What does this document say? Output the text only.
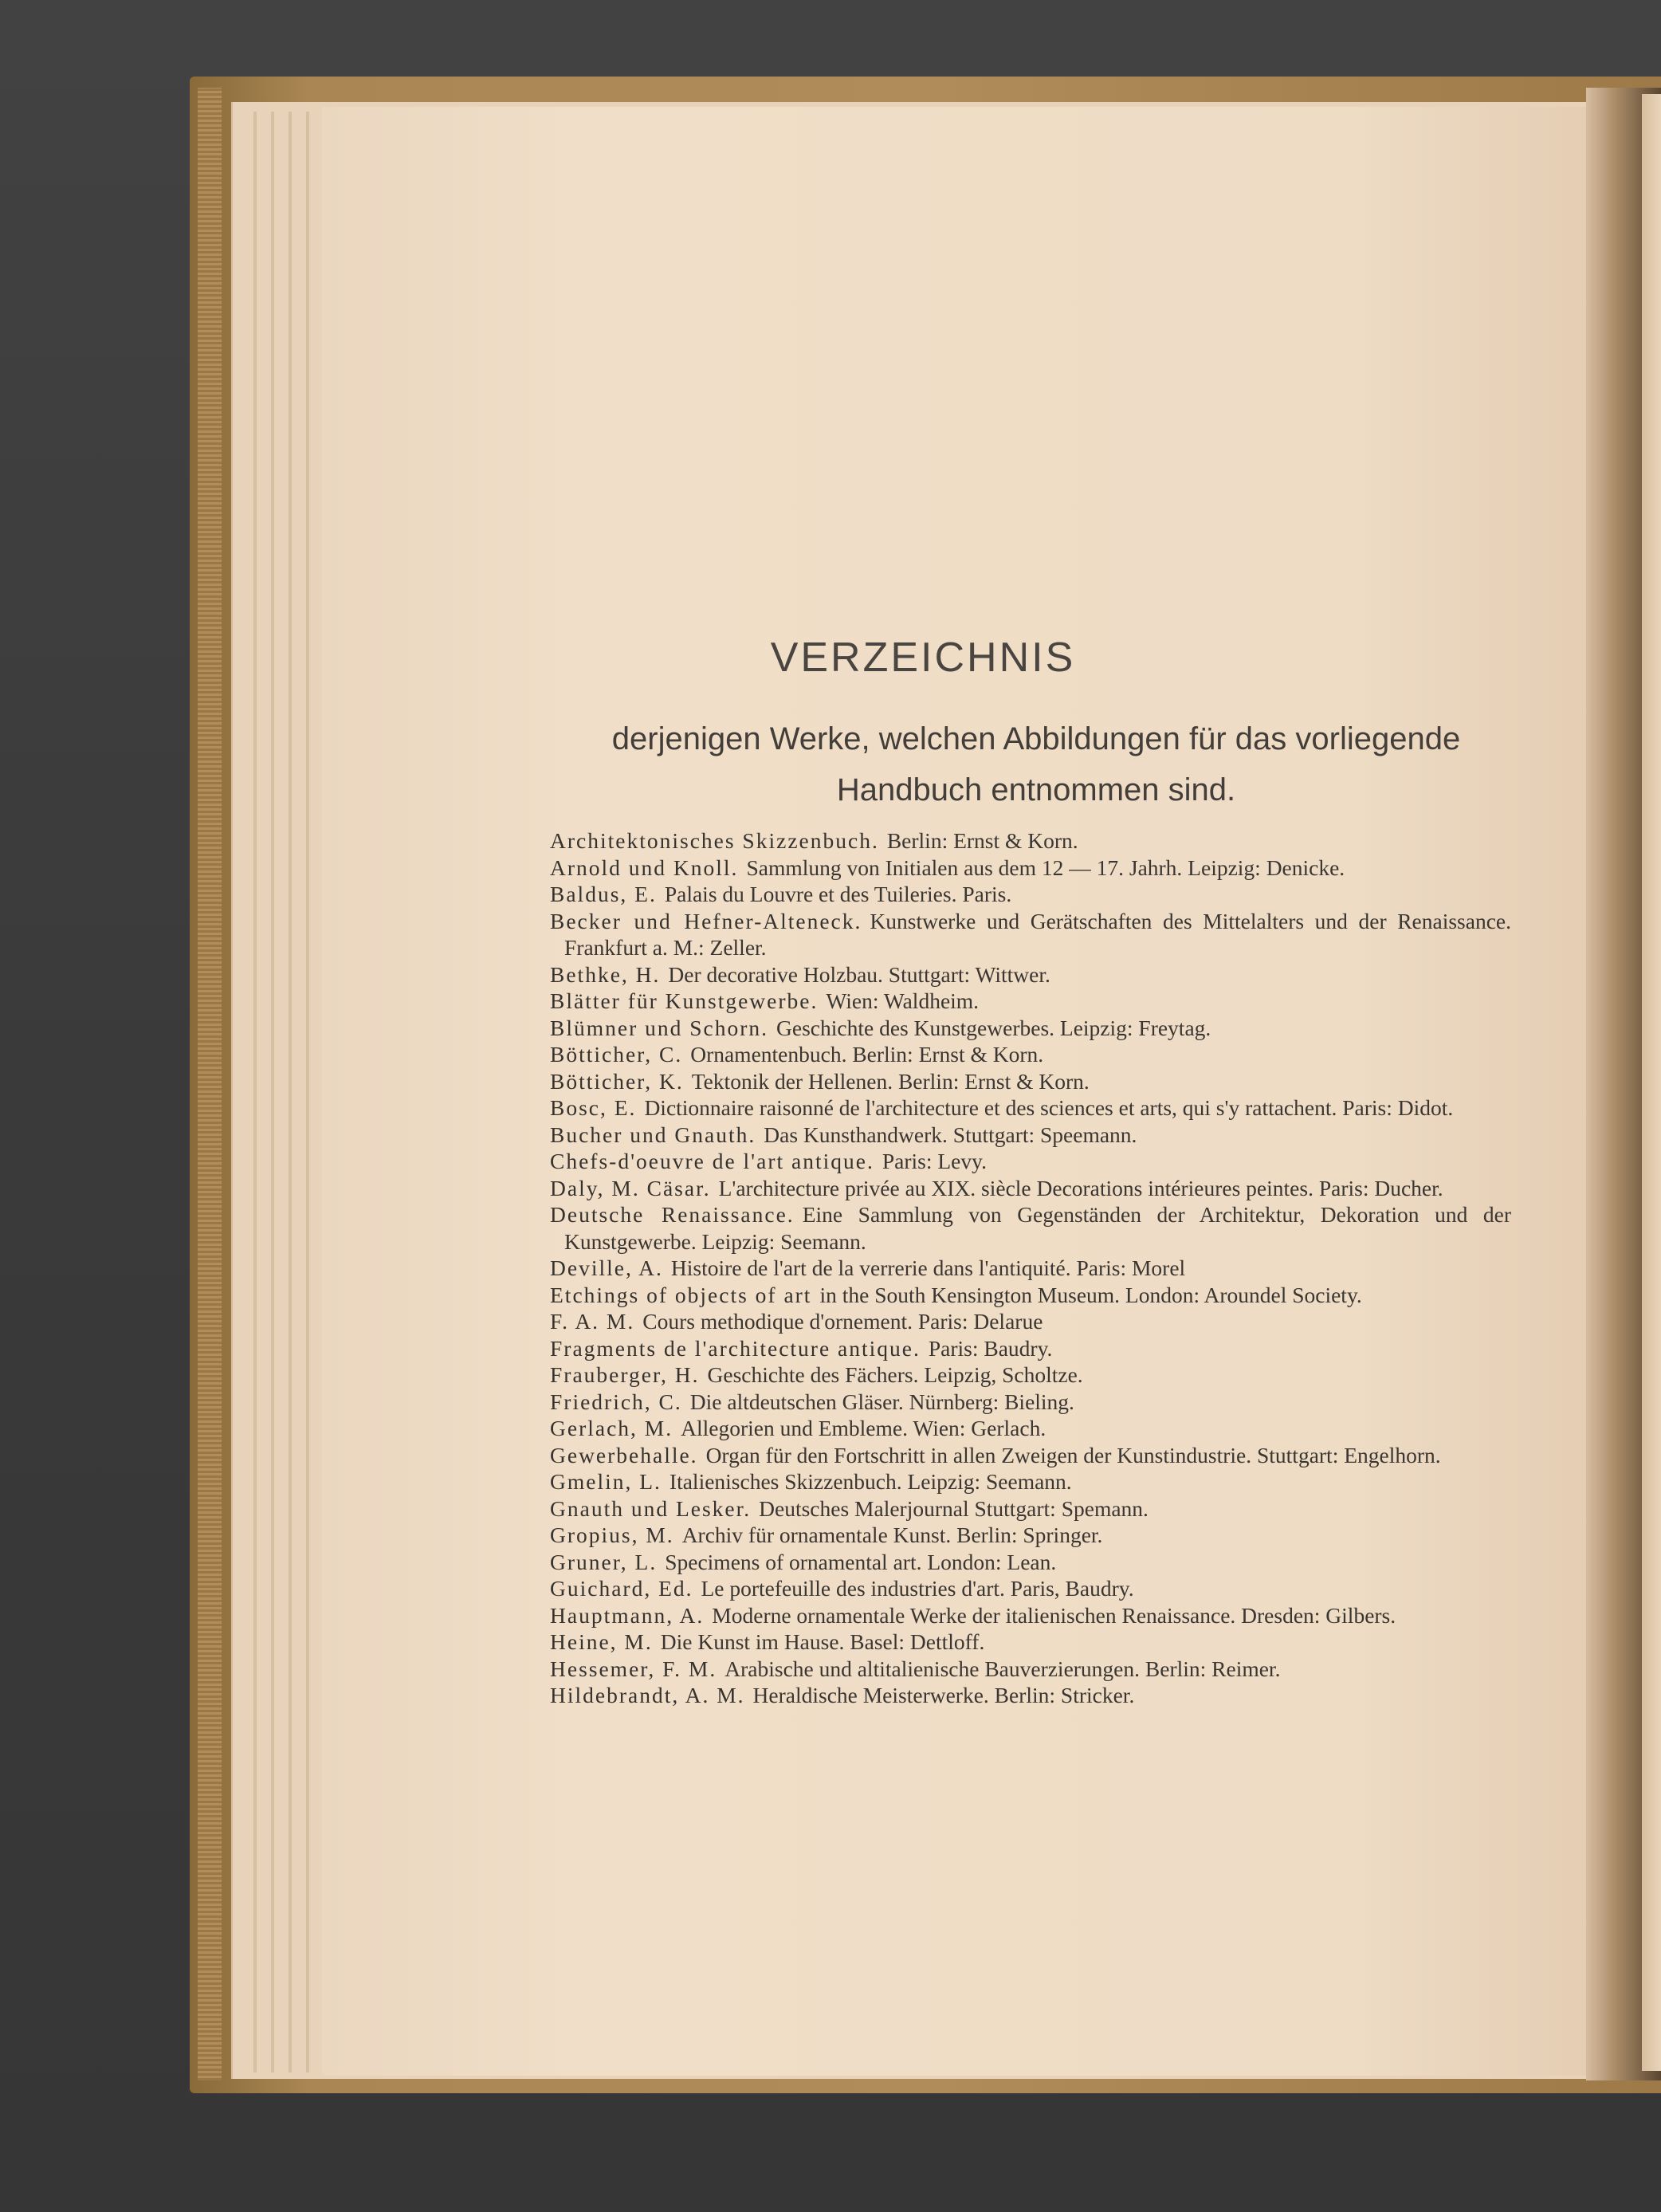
VERZEICHNIS
derjenigen Werke, welchen Abbildungen für das vorliegende
Handbuch entnommen sind.
Architektonisches Skizzenbuch. Berlin: Ernst & Korn.
Arnold und Knoll. Sammlung von Initialen aus dem 12 — 17. Jahrh. Leipzig: Denicke.
Baldus, E. Palais du Louvre et des Tuileries. Paris.
Becker und Hefner-Alteneck. Kunstwerke und Gerätschaften des Mittelalters und der Renaissance. Frankfurt a. M.: Zeller.
Bethke, H. Der decorative Holzbau. Stuttgart: Wittwer.
Blätter für Kunstgewerbe. Wien: Waldheim.
Blümner und Schorn. Geschichte des Kunstgewerbes. Leipzig: Freytag.
Bötticher, C. Ornamentenbuch. Berlin: Ernst & Korn.
Bötticher, K. Tektonik der Hellenen. Berlin: Ernst & Korn.
Bosc, E. Dictionnaire raisonné de l'architecture et des sciences et arts, qui s'y rattachent. Paris: Didot.
Bucher und Gnauth. Das Kunsthandwerk. Stuttgart: Speemann.
Chefs-d'oeuvre de l'art antique. Paris: Levy.
Daly, M. Cäsar. L'architecture privée au XIX. siècle Decorations intérieures peintes. Paris: Ducher.
Deutsche Renaissance. Eine Sammlung von Gegenständen der Architektur, Dekoration und der Kunstgewerbe. Leipzig: Seemann.
Deville, A. Histoire de l'art de la verrerie dans l'antiquité. Paris: Morel
Etchings of objects of art in the South Kensington Museum. London: Aroundel Society.
F. A. M. Cours methodique d'ornement. Paris: Delarue
Fragments de l'architecture antique. Paris: Baudry.
Frauberger, H. Geschichte des Fächers. Leipzig, Scholtze.
Friedrich, C. Die altdeutschen Gläser. Nürnberg: Bieling.
Gerlach, M. Allegorien und Embleme. Wien: Gerlach.
Gewerbehalle. Organ für den Fortschritt in allen Zweigen der Kunstindustrie. Stuttgart: Engelhorn.
Gmelin, L. Italienisches Skizzenbuch. Leipzig: Seemann.
Gnauth und Lesker. Deutsches Malerjournal Stuttgart: Spemann.
Gropius, M. Archiv für ornamentale Kunst. Berlin: Springer.
Gruner, L. Specimens of ornamental art. London: Lean.
Guichard, Ed. Le portefeuille des industries d'art. Paris, Baudry.
Hauptmann, A. Moderne ornamentale Werke der italienischen Renaissance. Dresden: Gilbers.
Heine, M. Die Kunst im Hause. Basel: Dettloff.
Hessemer, F. M. Arabische und altitalienische Bauverzierungen. Berlin: Reimer.
Hildebrandt, A. M. Heraldische Meisterwerke. Berlin: Stricker.
